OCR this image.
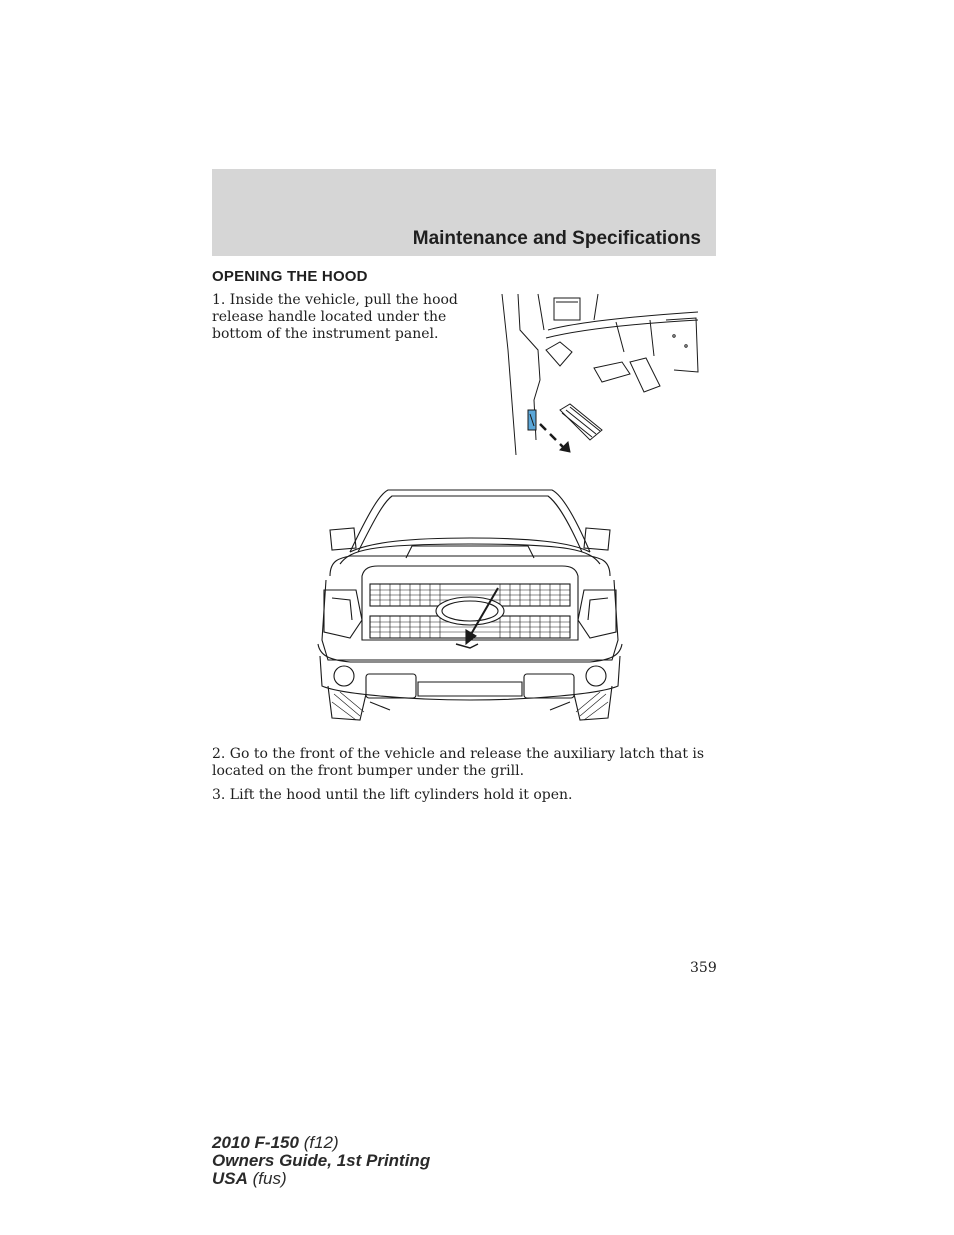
Maintenance and Specifications
OPENING THE HOOD
1. Inside the vehicle, pull the hood release handle located under the bottom of the instrument panel.
2. Go to the front of the vehicle and release the auxiliary latch that is located on the front bumper under the grill.
3. Lift the hood until the lift cylinders hold it open.
359
2010 F-150 (f12)
Owners Guide, 1st Printing
USA (fus)
